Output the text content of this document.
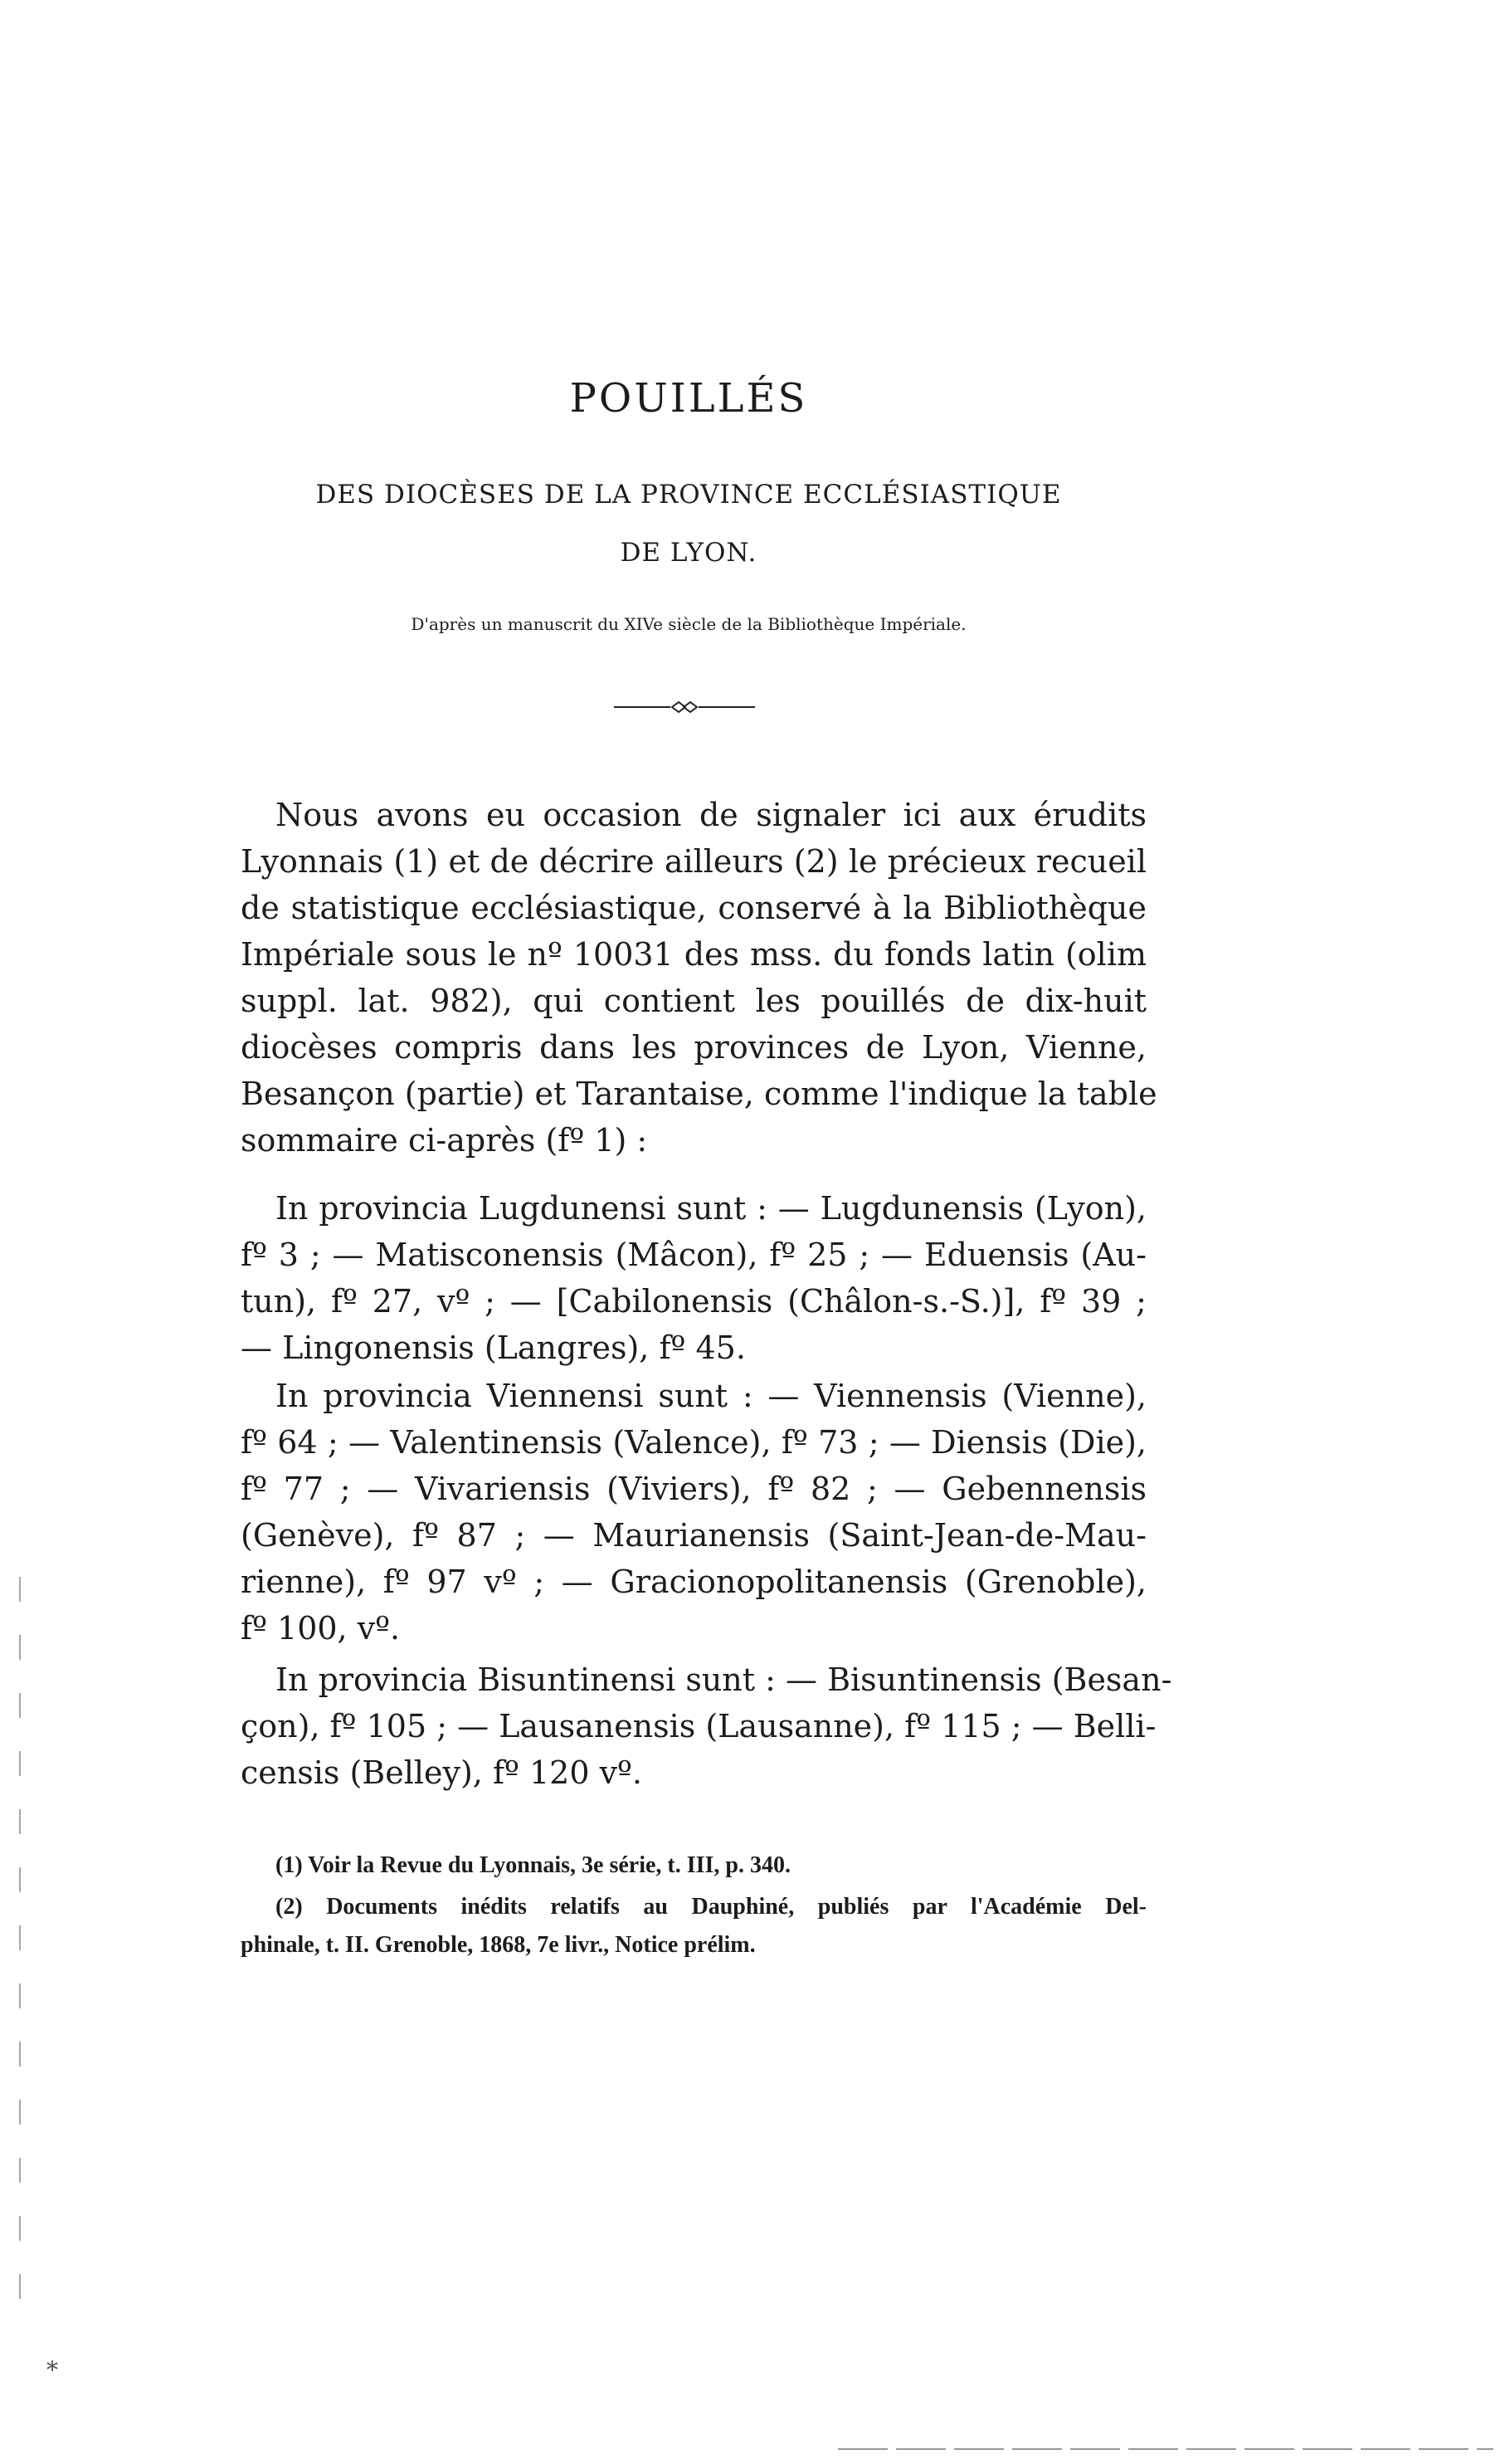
POUILLÉS
DES DIOCÈSES DE LA PROVINCE ECCLÉSIASTIQUE
DE LYON.
D'après un manuscrit du XIVe siècle de la Bibliothèque Impériale.
Nous avons eu occasion de signaler ici aux érudits
Lyonnais (1) et de décrire ailleurs (2) le précieux recueil
de statistique ecclésiastique, conservé à la Bibliothèque
Impériale sous le nº 10031 des mss. du fonds latin (olim
suppl. lat. 982), qui contient les pouillés de dix-huit
diocèses compris dans les provinces de Lyon, Vienne,
Besançon (partie) et Tarantaise, comme l'indique la table
sommaire ci-après (fº 1) :
In provincia Lugdunensi sunt : — Lugdunensis (Lyon),
fº 3 ; — Matisconensis (Mâcon), fº 25 ; — Eduensis (Au-
tun), fº 27, vº ; — [Cabilonensis (Châlon-s.-S.)], fº 39 ;
— Lingonensis (Langres), fº 45.
In provincia Viennensi sunt : — Viennensis (Vienne),
fº 64 ; — Valentinensis (Valence), fº 73 ; — Diensis (Die),
fº 77 ; — Vivariensis (Viviers), fº 82 ; — Gebennensis
(Genève), fº 87 ; — Maurianensis (Saint-Jean-de-Mau-
rienne), fº 97 vº ; — Gracionopolitanensis (Grenoble),
fº 100, vº.
In provincia Bisuntinensi sunt : — Bisuntinensis (Besan-
çon), fº 105 ; — Lausanensis (Lausanne), fº 115 ; — Belli-
censis (Belley), fº 120 vº.
(1) Voir la Revue du Lyonnais, 3e série, t. III, p. 340.
(2) Documents inédits relatifs au Dauphiné, publiés par l'Académie Del-
phinale, t. II. Grenoble, 1868, 7e livr., Notice prélim.
⁎
